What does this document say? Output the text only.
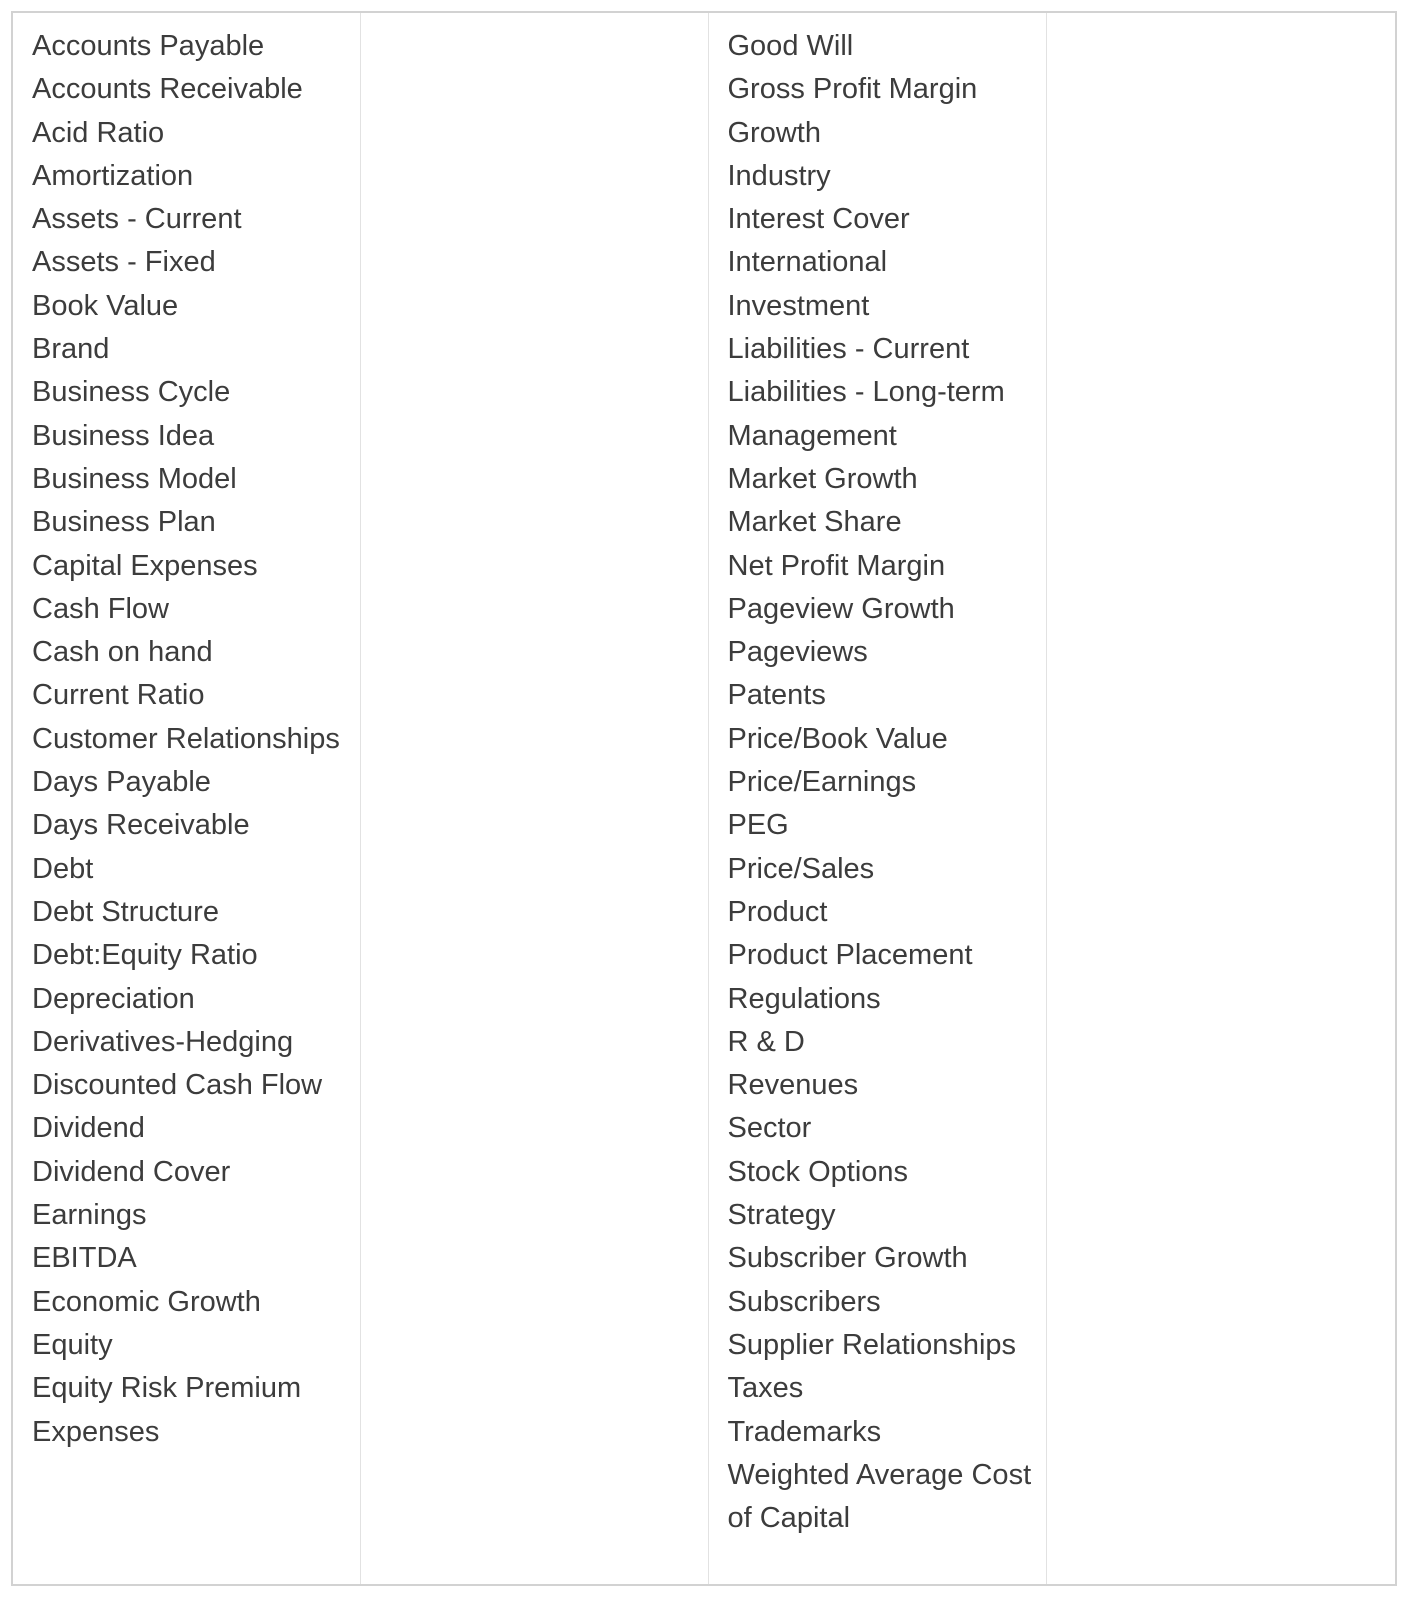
Accounts Payable
Accounts Receivable
Acid Ratio
Amortization
Assets - Current
Assets - Fixed
Book Value
Brand
Business Cycle
Business Idea
Business Model
Business Plan
Capital Expenses
Cash Flow
Cash on hand
Current Ratio
Customer Relationships
Days Payable
Days Receivable
Debt
Debt Structure
Debt:Equity Ratio
Depreciation
Derivatives-Hedging
Discounted Cash Flow
Dividend
Dividend Cover
Earnings
EBITDA
Economic Growth
Equity
Equity Risk Premium
Expenses

Good Will
Gross Profit Margin
Growth
Industry
Interest Cover
International
Investment
Liabilities - Current
Liabilities - Long-term
Management
Market Growth
Market Share
Net Profit Margin
Pageview Growth
Pageviews
Patents
Price/Book Value
Price/Earnings
PEG
Price/Sales
Product
Product Placement
Regulations
R & D
Revenues
Sector
Stock Options
Strategy
Subscriber Growth
Subscribers
Supplier Relationships
Taxes
Trademarks
Weighted Average Cost of Capital
